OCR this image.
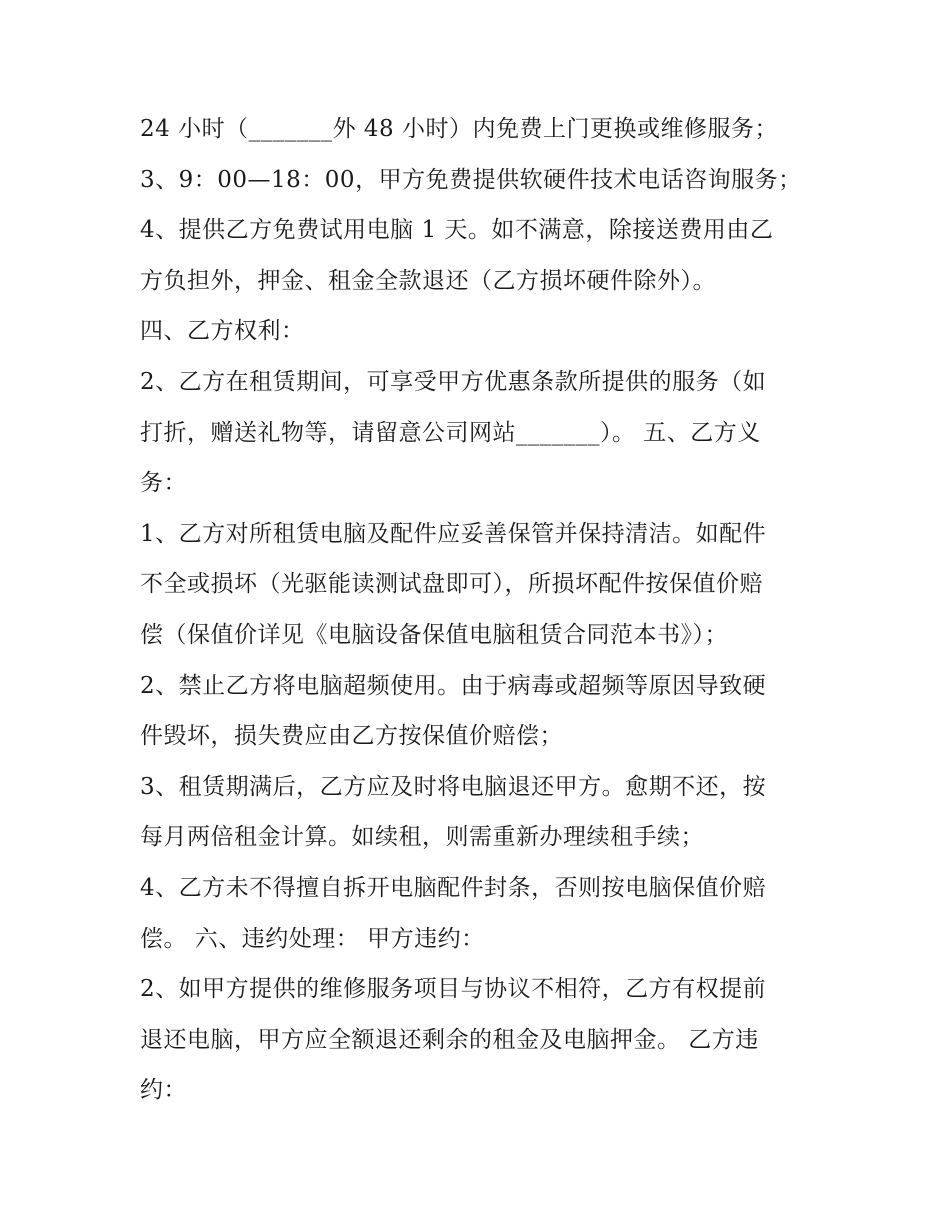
24 小时（_______外 48 小时）内免费上门更换或维修服务；
3、9：00—18：00，甲方免费提供软硬件技术电话咨询服务；
4、提供乙方免费试用电脑 1 天。如不满意，除接送费用由乙
方负担外，押金、租金全款退还（乙方损坏硬件除外）。
四、乙方权利：
2、乙方在租赁期间，可享受甲方优惠条款所提供的服务（如
打折，赠送礼物等，请留意公司网站_______）。 五、乙方义
务：
1、乙方对所租赁电脑及配件应妥善保管并保持清洁。如配件
不全或损坏（光驱能读测试盘即可），所损坏配件按保值价赔
偿（保值价详见《电脑设备保值电脑租赁合同范本书》）；
2、禁止乙方将电脑超频使用。由于病毒或超频等原因导致硬
件毁坏，损失费应由乙方按保值价赔偿；
3、租赁期满后，乙方应及时将电脑退还甲方。愈期不还，按
每月两倍租金计算。如续租，则需重新办理续租手续；
4、乙方未不得擅自拆开电脑配件封条，否则按电脑保值价赔
偿。 六、违约处理： 甲方违约：
2、如甲方提供的维修服务项目与协议不相符，乙方有权提前
退还电脑，甲方应全额退还剩余的租金及电脑押金。 乙方违
约：
